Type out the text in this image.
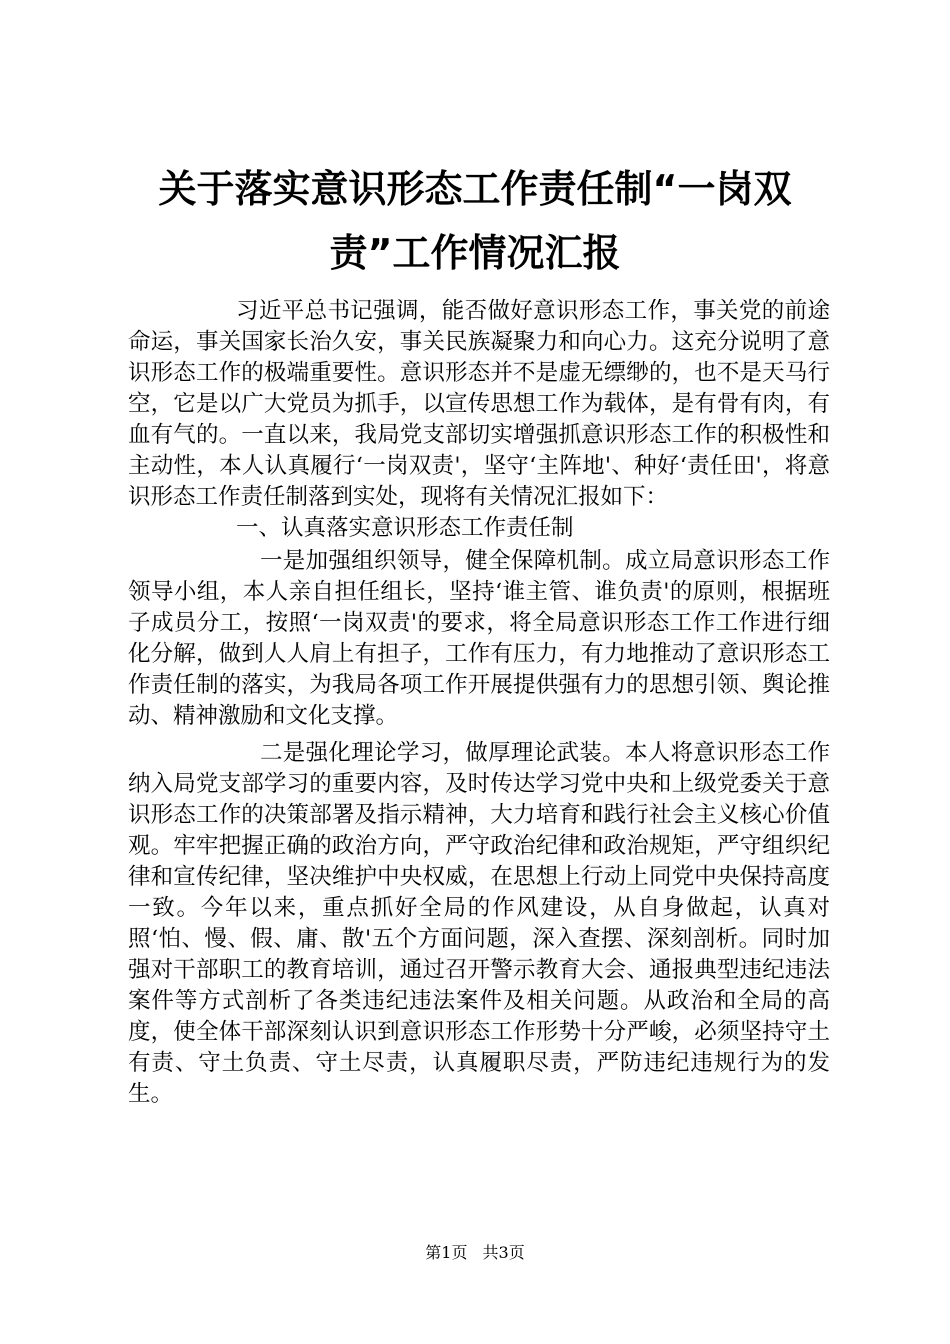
关于落实意识形态工作责任制“一岗双责”工作情况汇报

习近平总书记强调，能否做好意识形态工作，事关党的前途命运，事关国家长治久安，事关民族凝聚力和向心力。这充分说明了意识形态工作的极端重要性。意识形态并不是虚无缥缈的，也不是天马行空，它是以广大党员为抓手，以宣传思想工作为载体，是有骨有肉，有血有气的。一直以来，我局党支部切实增强抓意识形态工作的积极性和主动性，本人认真履行‘一岗双责'，坚守‘主阵地'、种好‘责任田'，将意识形态工作责任制落到实处，现将有关情况汇报如下：

一、认真落实意识形态工作责任制

一是加强组织领导，健全保障机制。成立局意识形态工作领导小组，本人亲自担任组长，坚持‘谁主管、谁负责'的原则，根据班子成员分工，按照‘一岗双责'的要求，将全局意识形态工作工作进行细化分解，做到人人肩上有担子，工作有压力，有力地推动了意识形态工作责任制的落实，为我局各项工作开展提供强有力的思想引领、舆论推动、精神激励和文化支撑。

二是强化理论学习，做厚理论武装。本人将意识形态工作纳入局党支部学习的重要内容，及时传达学习党中央和上级党委关于意识形态工作的决策部署及指示精神，大力培育和践行社会主义核心价值观。牢牢把握正确的政治方向，严守政治纪律和政治规矩，严守组织纪律和宣传纪律，坚决维护中央权威，在思想上行动上同党中央保持高度一致。今年以来，重点抓好全局的作风建设，从自身做起，认真对照‘怕、慢、假、庸、散'五个方面问题，深入查摆、深刻剖析。同时加强对干部职工的教育培训，通过召开警示教育大会、通报典型违纪违法案件等方式剖析了各类违纪违法案件及相关问题。从政治和全局的高度，使全体干部深刻认识到意识形态工作形势十分严峻，必须坚持守土有责、守土负责、守土尽责，认真履职尽责，严防违纪违规行为的发生。

第1页 共3页
